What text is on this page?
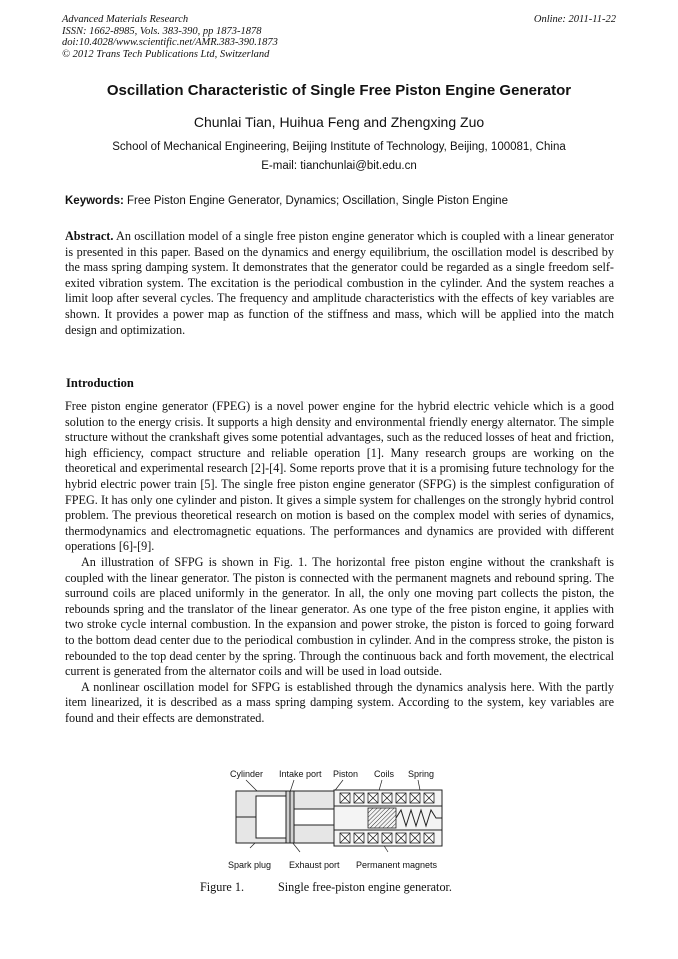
Advanced Materials Research
ISSN: 1662-8985, Vols. 383-390, pp 1873-1878
doi:10.4028/www.scientific.net/AMR.383-390.1873
© 2012 Trans Tech Publications Ltd, Switzerland
Online: 2011-11-22
Oscillation Characteristic of Single Free Piston Engine Generator
Chunlai Tian, Huihua Feng and Zhengxing Zuo
School of Mechanical Engineering, Beijing Institute of Technology, Beijing, 100081, China
E-mail: tianchunlai@bit.edu.cn
Keywords: Free Piston Engine Generator, Dynamics; Oscillation, Single Piston Engine

Abstract. An oscillation model of a single free piston engine generator which is coupled with a linear generator is presented in this paper. Based on the dynamics and energy equilibrium, the oscillation model is described by the mass spring damping system. It demonstrates that the generator could be regarded as a single freedom self-exited vibration system. The excitation is the periodical combustion in the cylinder. And the system reaches a limit loop after several cycles. The frequency and amplitude characteristics with the effects of key variables are shown. It provides a power map as function of the stiffness and mass, which will be applied into the match design and optimization.

Introduction

Free piston engine generator (FPEG) is a novel power engine for the hybrid electric vehicle which is a good solution to the energy crisis. It supports a high density and environmental friendly energy alternator. The simple structure without the crankshaft gives some potential advantages, such as the reduced losses of heat and friction, high efficiency, compact structure and reliable operation [1]. Many research groups are working on the theoretical and experimental research [2]-[4]. Some reports prove that it is a promising future technology for the hybrid electric power train [5]. The single free piston engine generator (SFPG) is the simplest configuration of FPEG. It has only one cylinder and piston. It gives a simple system for challenges on the strongly hybrid control problem. The previous theoretical research on motion is based on the complex model with series of dynamics, thermodynamics and electromagnetic equations. The performances and dynamics are provided with different operations [6]-[9].

An illustration of SFPG is shown in Fig. 1. The horizontal free piston engine without the crankshaft is coupled with the linear generator. The piston is connected with the permanent magnets and rebound spring. The surround coils are placed uniformly in the generator. In all, the only one moving part collects the piston, the rebounds spring and the translator of the linear generator. As one type of the free piston engine, it applies with two stroke cycle internal combustion. In the expansion and power stroke, the piston is forced to going forward to the bottom dead center due to the periodical combustion in cylinder. And in the compress stroke, the piston is rebounded to the top dead center by the spring. Through the continuous back and forth movement, the electrical current is generated from the alternator coils and will be used in load outside.

A nonlinear oscillation model for SFPG is established through the dynamics analysis here. With the partly item linearized, it is described as a mass spring damping system. According to the system, key variables are found and their effects are demonstrated.

Cylinder Intake port Piston Coils Spring
Spark plug Exhaust port Permanent magnets
Figure 1.	Single free-piston engine generator.
